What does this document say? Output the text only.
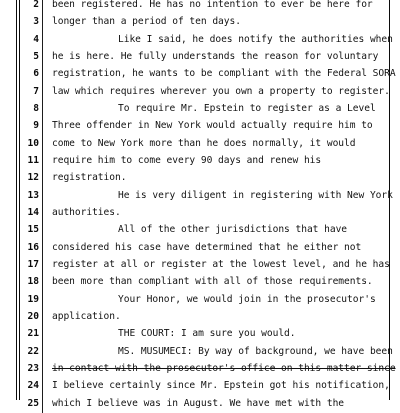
2 been registered. He has no intention to ever be here for
3 longer than a period of ten days.
4	Like I said, he does notify the authorities when
5 he is here. He fully understands the reason for voluntary
6 registration, he wants to be compliant with the Federal SORA
7 law which requires wherever you own a property to register.
8	To require Mr. Epstein to register as a Level
9 Three offender in New York would actually require him to
10 come to New York more than he does normally, it would
11 require him to come every 90 days and renew his
12 registration.
13	He is very diligent in registering with New York
14 authorities.
15	All of the other jurisdictions that have
16 considered his case have determined that he either not
17 register at all or register at the lowest level, and he has
18 been more than compliant with all of those requirements.
19	Your Honor, we would join in the prosecutor's
20 application.
21	THE COURT: I am sure you would.
22	MS. MUSUMECI: By way of background, we have been
23 in contact with the prosecutor's office on this matter since
24 I believe certainly since Mr. Epstein got his notification,
25 which I believe was in August. We have met with the
